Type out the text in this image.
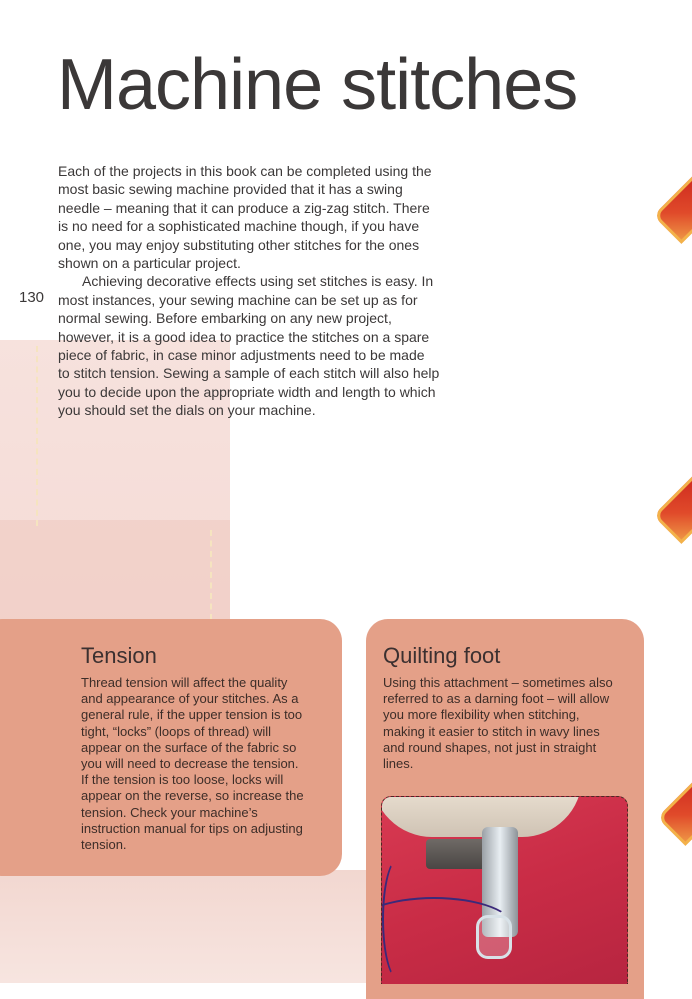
Machine stitches
130

Each of the projects in this book can be completed using the most basic sewing machine provided that it has a swing needle – meaning that it can produce a zig-zag stitch. There is no need for a sophisticated machine though, if you have one, you may enjoy substituting other stitches for the ones shown on a particular project.

Achieving decorative effects using set stitches is easy. In most instances, your sewing machine can be set up as for normal sewing. Before embarking on any new project, however, it is a good idea to practice the stitches on a spare piece of fabric, in case minor adjustments need to be made to stitch tension. Sewing a sample of each stitch will also help you to decide upon the appropriate width and length to which you should set the dials on your machine.

Tension
Thread tension will affect the quality and appearance of your stitches. As a general rule, if the upper tension is too tight, “locks” (loops of thread) will appear on the surface of the fabric so you will need to decrease the tension. If the tension is too loose, locks will appear on the reverse, so increase the tension. Check your machine’s instruction manual for tips on adjusting tension.
Quilting foot
Using this attachment – sometimes also referred to as a darning foot – will allow you more flexibility when stitching, making it easier to stitch in wavy lines and round shapes, not just in straight lines.
